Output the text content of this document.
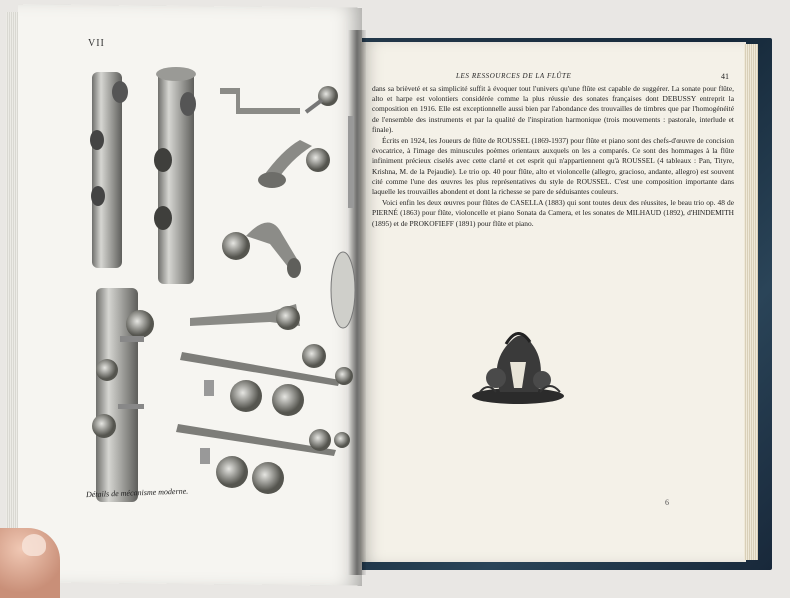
VII
Détails de mécanisme moderne.
LES RESSOURCES DE LA FLÛTE	41

dans sa brièveté et sa simplicité suffit à évoquer tout l'univers qu'une flûte est capable de suggérer. La sonate pour flûte, alto et harpe est volontiers considérée comme la plus réussie des sonates françaises dont DEBUSSY entreprit la composition en 1916. Elle est exceptionnelle aussi bien par l'abondance des trouvailles de timbres que par l'homogénéité de l'ensemble des instruments et par la qualité de l'inspiration harmonique (trois mouvements : pastorale, interlude et finale).

Écrits en 1924, les Joueurs de flûte de ROUSSEL (1869-1937) pour flûte et piano sont des chefs-d'œuvre de concision évocatrice, à l'image des minuscules poèmes orientaux auxquels on les a comparés. Ce sont des hommages à la flûte infiniment précieux ciselés avec cette clarté et cet esprit qui n'appartiennent qu'à ROUSSEL (4 tableaux : Pan, Tityre, Krishna, M. de la Pejaudie). Le trio op. 40 pour flûte, alto et violoncelle (allegro, gracioso, andante, allegro) est souvent cité comme l'une des œuvres les plus représentatives du style de ROUSSEL. C'est une composition importante dans laquelle les trouvailles abondent et dont la richesse se pare de séduisantes couleurs.

Voici enfin les deux œuvres pour flûtes de CASELLA (1883) qui sont toutes deux des réussites, le beau trio op. 48 de PIERNÉ (1863) pour flûte, violoncelle et piano Sonata da Camera, et les sonates de MILHAUD (1892), d'HINDEMITH (1895) et de PROKOFIEFF (1891) pour flûte et piano.

6
